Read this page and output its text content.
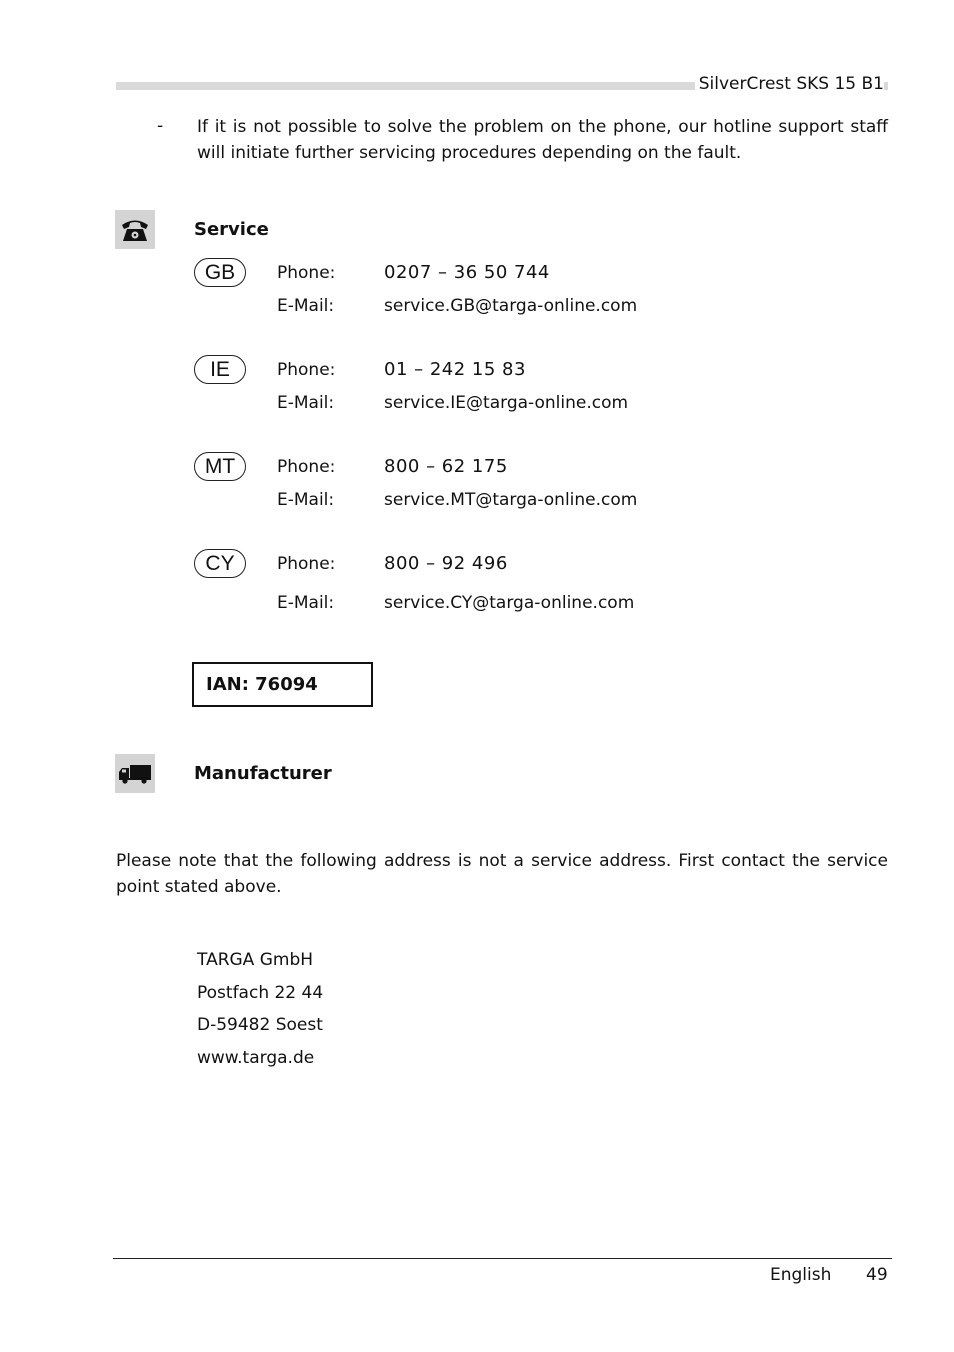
SilverCrest SKS 15 B1
- If it is not possible to solve the problem on the phone, our hotline support staff will initiate further servicing procedures depending on the fault.
Service
GB	Phone:	0207 – 36 50 744
E-Mail:	service.GB@targa-online.com
IE	Phone:	01 – 242 15 83
E-Mail:	service.IE@targa-online.com
MT	Phone:	800 – 62 175
E-Mail:	service.MT@targa-online.com
CY	Phone:	800 – 92 496
E-Mail:	service.CY@targa-online.com
IAN: 76094
Manufacturer
Please note that the following address is not a service address. First contact the service point stated above.
TARGA GmbH
Postfach 22 44
D-59482 Soest
www.targa.de
English 49
